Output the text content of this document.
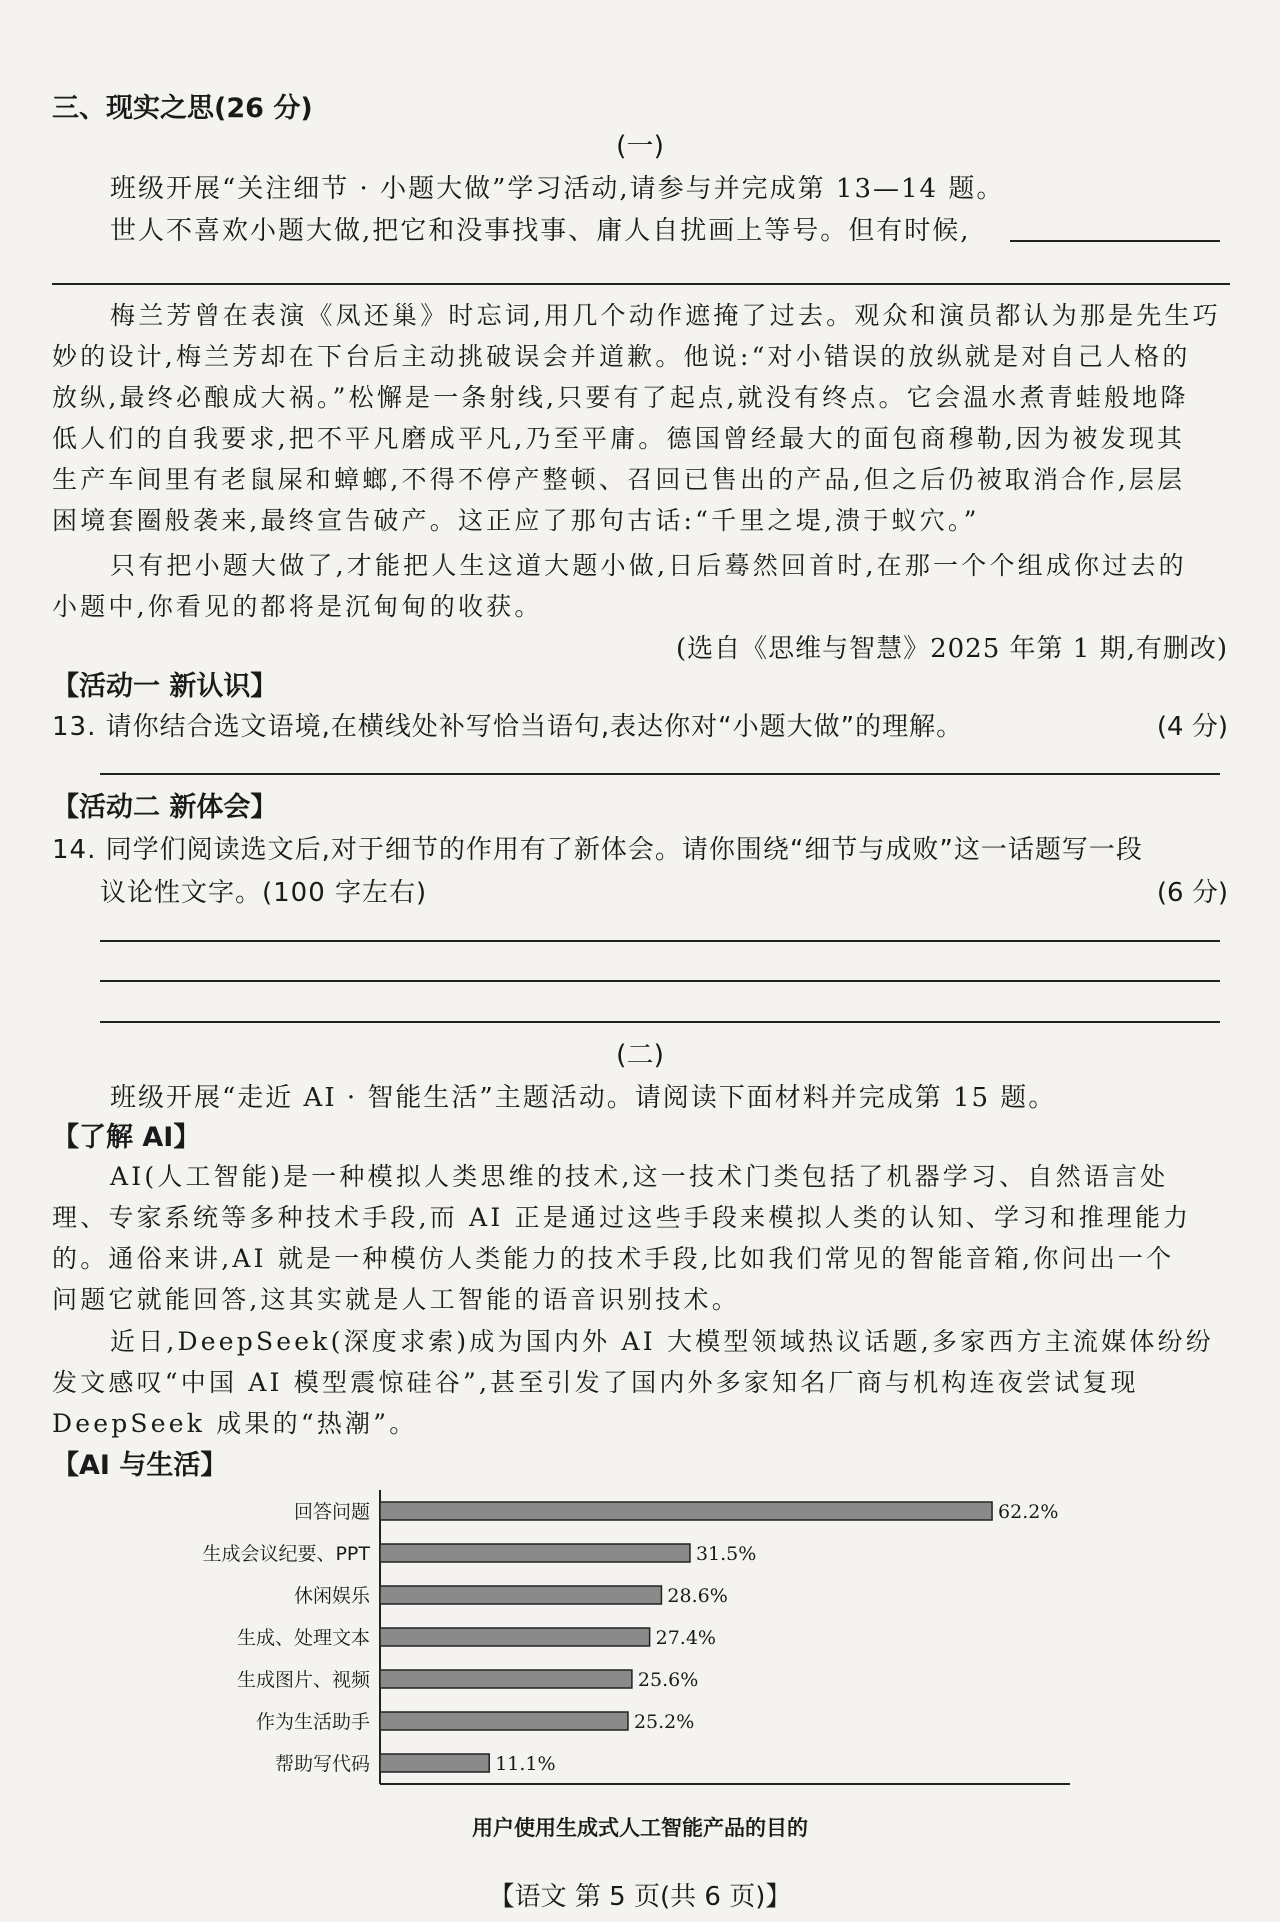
三、现实之思(26 分)
(一)
班级开展“关注细节 · 小题大做”学习活动,请参与并完成第 13—14 题。
世人不喜欢小题大做,把它和没事找事、庸人自扰画上等号。但有时候,
梅兰芳曾在表演《凤还巢》时忘词,用几个动作遮掩了过去。观众和演员都认为那是先生巧
妙的设计,梅兰芳却在下台后主动挑破误会并道歉。他说:“对小错误的放纵就是对自己人格的
放纵,最终必酿成大祸。”松懈是一条射线,只要有了起点,就没有终点。它会温水煮青蛙般地降
低人们的自我要求,把不平凡磨成平凡,乃至平庸。德国曾经最大的面包商穆勒,因为被发现其
生产车间里有老鼠屎和蟑螂,不得不停产整顿、召回已售出的产品,但之后仍被取消合作,层层
困境套圈般袭来,最终宣告破产。这正应了那句古话:“千里之堤,溃于蚁穴。”
只有把小题大做了,才能把人生这道大题小做,日后蓦然回首时,在那一个个组成你过去的
小题中,你看见的都将是沉甸甸的收获。
(选自《思维与智慧》2025 年第 1 期,有删改)
【活动一 新认识】
13. 请你结合选文语境,在横线处补写恰当语句,表达你对“小题大做”的理解。	(4 分)
【活动二 新体会】
14. 同学们阅读选文后,对于细节的作用有了新体会。请你围绕“细节与成败”这一话题写一段
议论性文字。(100 字左右)	(6 分)
(二)
班级开展“走近 AI · 智能生活”主题活动。请阅读下面材料并完成第 15 题。
【了解 AI】
AI(人工智能)是一种模拟人类思维的技术,这一技术门类包括了机器学习、自然语言处
理、专家系统等多种技术手段,而 AI 正是通过这些手段来模拟人类的认知、学习和推理能力
的。通俗来讲,AI 就是一种模仿人类能力的技术手段,比如我们常见的智能音箱,你问出一个
问题它就能回答,这其实就是人工智能的语音识别技术。
近日,DeepSeek(深度求索)成为国内外 AI 大模型领域热议话题,多家西方主流媒体纷纷
发文感叹“中国 AI 模型震惊硅谷”,甚至引发了国内外多家知名厂商与机构连夜尝试复现
DeepSeek 成果的“热潮”。
【AI 与生活】
回答问题	62.2%
生成会议纪要、PPT	31.5%
休闲娱乐	28.6%
生成、处理文本	27.4%
生成图片、视频	25.6%
作为生活助手	25.2%
帮助写代码	11.1%
用户使用生成式人工智能产品的目的
【语文 第 5 页(共 6 页)】
